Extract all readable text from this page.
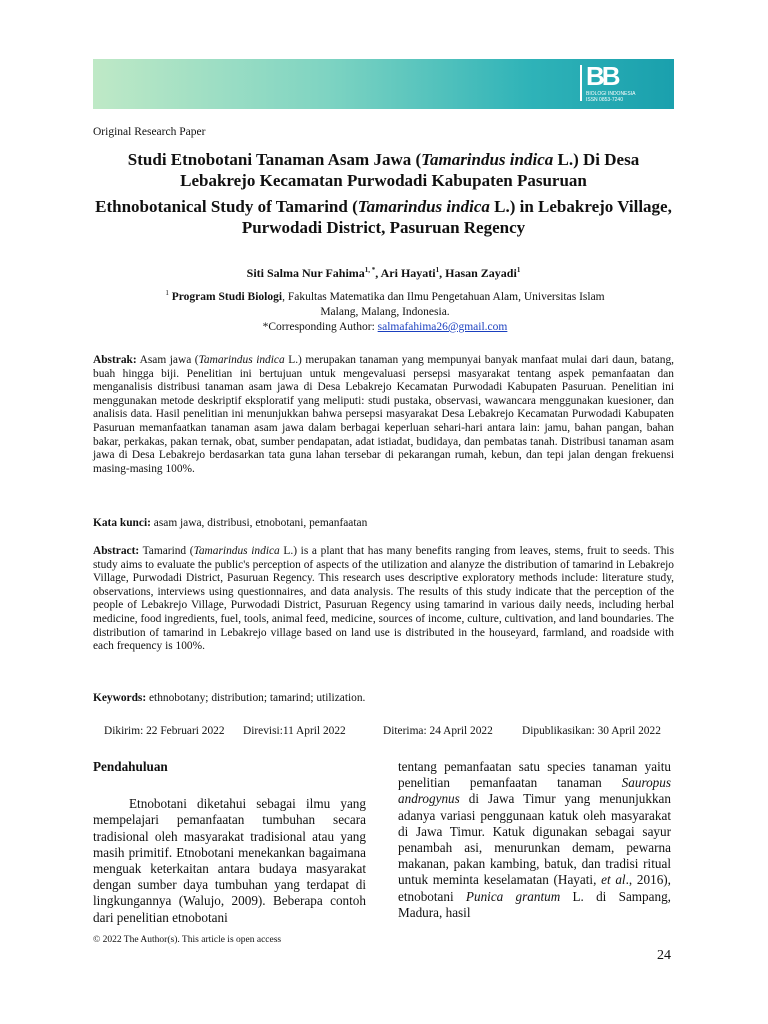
BB
BIOLOGI INDONESIA
ISSN 0853-7240
Original Research Paper
Studi Etnobotani Tanaman Asam Jawa (Tamarindus indica L.) Di Desa Lebakrejo Kecamatan Purwodadi Kabupaten Pasuruan
Ethnobotanical Study of Tamarind (Tamarindus indica L.) in Lebakrejo Village, Purwodadi District, Pasuruan Regency
Siti Salma Nur Fahima$^{1, *}$, Ari Hayati$^1$, Hasan Zayadi$^1$
$^1$ Program Studi Biologi, Fakultas Matematika dan Ilmu Pengetahuan Alam, Universitas Islam Malang, Malang, Indonesia.
*Corresponding Author: salmafahima26@gmail.com
Abstrak: Asam jawa (Tamarindus indica L.) merupakan tanaman yang mempunyai banyak manfaat mulai dari daun, batang, buah hingga biji. Penelitian ini bertujuan untuk mengevaluasi persepsi masyarakat tentang aspek pemanfaatan dan menganalisis distribusi tanaman asam jawa di Desa Lebakrejo Kecamatan Purwodadi Kabupaten Pasuruan. Penelitian ini menggunakan metode deskriptif eksploratif yang meliputi: studi pustaka, observasi, wawancara menggunakan kuesioner, dan analisis data. Hasil penelitian ini menunjukkan bahwa persepsi masyarakat Desa Lebakrejo Kecamatan Purwodadi Kabupaten Pasuruan memanfaatkan tanaman asam jawa dalam berbagai keperluan sehari-hari antara lain: jamu, bahan pangan, bahan bakar, perkakas, pakan ternak, obat, sumber pendapatan, adat istiadat, budidaya, dan pembatas tanah. Distribusi tanaman asam jawa di Desa Lebakrejo berdasarkan tata guna lahan tersebar di pekarangan rumah, kebun, dan tepi jalan dengan frekuensi masing-masing 100%.
Kata kunci: asam jawa, distribusi, etnobotani, pemanfaatan
Abstract: Tamarind (Tamarindus indica L.) is a plant that has many benefits ranging from leaves, stems, fruit to seeds. This study aims to evaluate the public's perception of aspects of the utilization and alanyze the distribution of tamarind in Lebakrejo Village, Purwodadi District, Pasuruan Regency. This research uses descriptive exploratory methods include: literature study, observations, interviews using questionnaires, and data analysis. The results of this study indicate that the perception of the people of Lebakrejo Village, Purwodadi District, Pasuruan Regency using tamarind in various daily needs, including herbal medicine, food ingredients, fuel, tools, animal feed, medicine, sources of income, culture, cultivation, and land boundaries. The distribution of tamarind in Lebakrejo village based on land use is distributed in the houseyard, farmland, and roadside with each frequency is 100%.
Keywords: ethnobotany; distribution; tamarind; utilization.
Dikirim: 22 Februari 2022 Direvisi:11 April 2022	Diterima: 24 April 2022	Dipublikasikan: 30 April 2022

Pendahuluan

Etnobotani diketahui sebagai ilmu yang mempelajari pemanfaatan tumbuhan secara tradisional oleh masyarakat tradisional atau yang masih primitif. Etnobotani menekankan bagaimana menguak keterkaitan antara budaya masyarakat dengan sumber daya tumbuhan yang terdapat di lingkungannya (Walujo, 2009). Beberapa contoh dari penelitian etnobotani

tentang pemanfaatan satu species tanaman yaitu penelitian pemanfaatan tanaman Sauropus androgynus di Jawa Timur yang menunjukkan adanya variasi penggunaan katuk oleh masyarakat di Jawa Timur. Katuk digunakan sebagai sayur penambah asi, menurunkan demam, pewarna makanan, pakan kambing, batuk, dan tradisi ritual untuk meminta keselamatan (Hayati, et al., 2016), etnobotani Punica grantum L. di Sampang, Madura, hasil
© 2022 The Author(s). This article is open access
24
